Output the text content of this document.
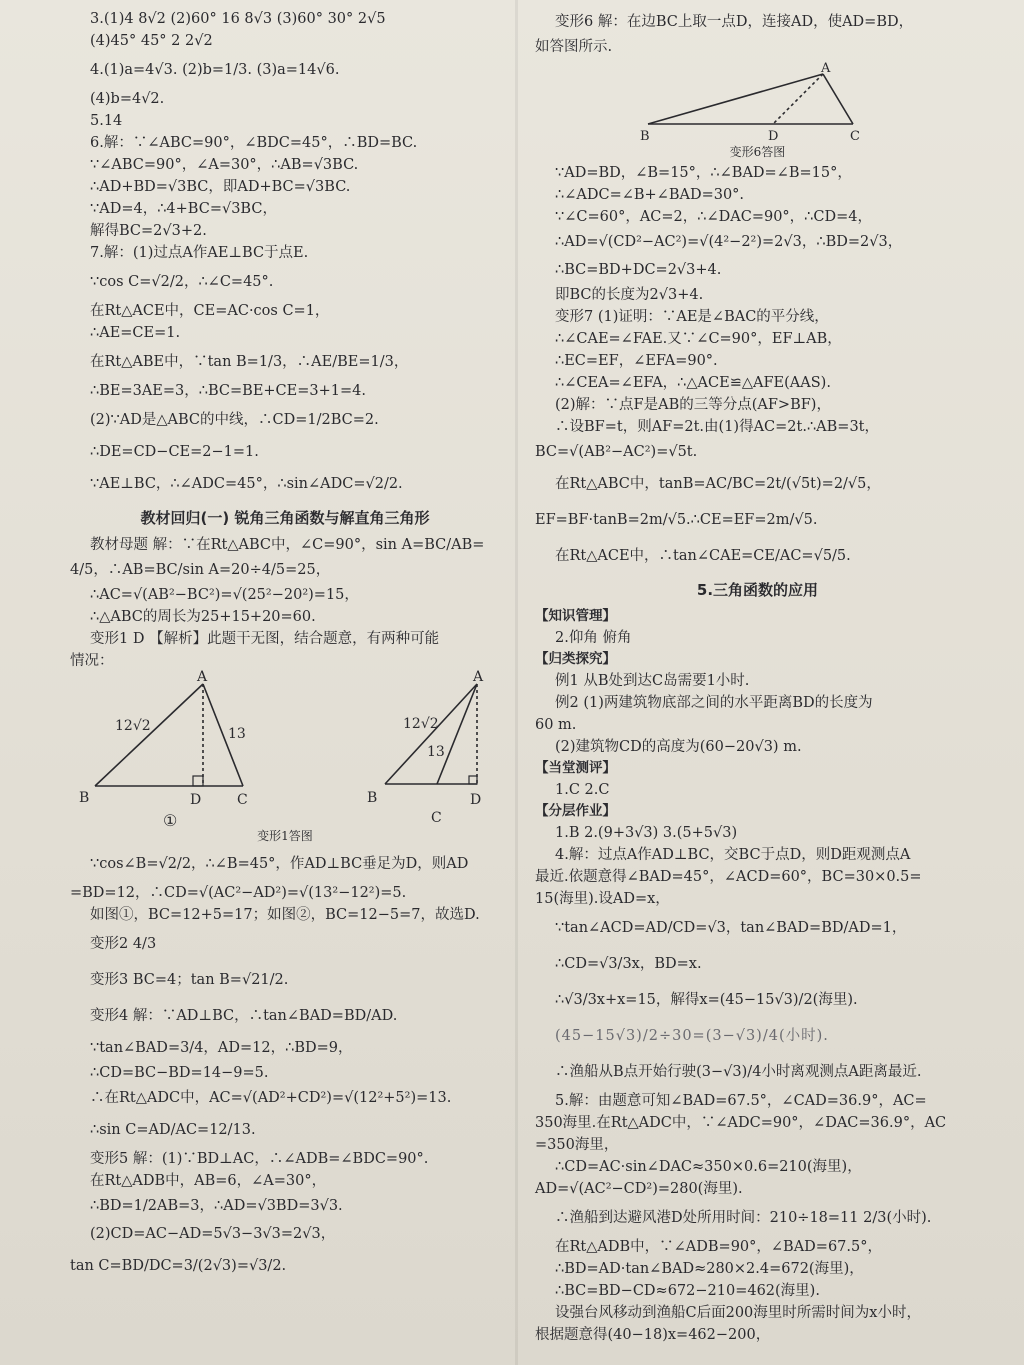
3.(1)4 8√2 (2)60° 16 8√3 (3)60° 30° 2√5
(4)45° 45° 2 2√2
4.(1)a=4√3. (2)b=1/3. (3)a=14√6.
(4)b=4√2.
5.14
6.解：∵∠ABC=90°，∠BDC=45°，∴BD=BC.
∵∠ABC=90°，∠A=30°，∴AB=√3BC.
∴AD+BD=√3BC，即AD+BC=√3BC.
∵AD=4，∴4+BC=√3BC，
解得BC=2√3+2.
7.解：(1)过点A作AE⊥BC于点E.
∵cos C=√2/2，∴∠C=45°.
在Rt△ACE中，CE=AC·cos C=1，
∴AE=CE=1.
在Rt△ABE中，∵tan B=1/3，∴AE/BE=1/3，
∴BE=3AE=3，∴BC=BE+CE=3+1=4.
(2)∵AD是△ABC的中线，∴CD=1/2BC=2.
∴DE=CD−CE=2−1=1.
∵AE⊥BC，∴∠ADC=45°，∴sin∠ADC=√2/2.
教材回归(一) 锐角三角函数与解直角三角形
教材母题 解：∵在Rt△ABC中，∠C=90°，sin A=BC/AB=
4/5，∴AB=BC/sin A=20÷4/5=25，
∴AC=√(AB²−BC²)=√(25²−20²)=15，
∴△ABC的周长为25+15+20=60.
变形1 D 【解析】此题干无图，结合题意，有两种可能
情况：
A
B	C
D
12√2	13
①
A
B
C
D
12√2
13
变形1答图
∵cos∠B=√2/2，∴∠B=45°，作AD⊥BC垂足为D，则AD
=BD=12，∴CD=√(AC²−AD²)=√(13²−12²)=5.
如图①，BC=12+5=17；如图②，BC=12−5=7，故选D.
变形2 4/3
变形3 BC=4；tan B=√21/2.
变形4 解：∵AD⊥BC，∴tan∠BAD=BD/AD.
∵tan∠BAD=3/4，AD=12，∴BD=9，
∴CD=BC−BD=14−9=5.
∴在Rt△ADC中，AC=√(AD²+CD²)=√(12²+5²)=13.
∴sin C=AD/AC=12/13.
变形5 解：(1)∵BD⊥AC，∴∠ADB=∠BDC=90°.
在Rt△ADB中，AB=6，∠A=30°，
∴BD=1/2AB=3，∴AD=√3BD=3√3.
(2)CD=AC−AD=5√3−3√3=2√3，
tan C=BD/DC=3/(2√3)=√3/2.
变形6 解：在边BC上取一点D，连接AD，使AD=BD，
如答图所示.
A
B	D	C
变形6答图
∵AD=BD，∠B=15°，∴∠BAD=∠B=15°，
∴∠ADC=∠B+∠BAD=30°.
∵∠C=60°，AC=2，∴∠DAC=90°，∴CD=4，
∴AD=√(CD²−AC²)=√(4²−2²)=2√3，∴BD=2√3，
∴BC=BD+DC=2√3+4.
即BC的长度为2√3+4.
变形7 (1)证明：∵AE是∠BAC的平分线，
∴∠CAE=∠FAE.又∵∠C=90°，EF⊥AB，
∴EC=EF，∠EFA=90°.
∴∠CEA=∠EFA，∴△ACE≌△AFE(AAS).
(2)解：∵点F是AB的三等分点(AF>BF)，
∴设BF=t，则AF=2t.由(1)得AC=2t.∴AB=3t，
BC=√(AB²−AC²)=√5t.
在Rt△ABC中，tanB=AC/BC=2t/(√5t)=2/√5，
EF=BF·tanB=2m/√5.∴CE=EF=2m/√5.
在Rt△ACE中，∴tan∠CAE=CE/AC=√5/5.
5.三角函数的应用
【知识管理】
2.仰角 俯角
【归类探究】
例1 从B处到达C岛需要1小时.
例2 (1)两建筑物底部之间的水平距离BD的长度为
60 m.
(2)建筑物CD的高度为(60−20√3) m.
【当堂测评】
1.C 2.C
【分层作业】
1.B 2.(9+3√3) 3.(5+5√3)
4.解：过点A作AD⊥BC，交BC于点D，则D距观测点A
最近.依题意得∠BAD=45°，∠ACD=60°，BC=30×0.5=
15(海里).设AD=x，
∵tan∠ACD=AD/CD=√3，tan∠BAD=BD/AD=1，
∴CD=√3/3x，BD=x.
∴√3/3x+x=15，解得x=(45−15√3)/2(海里).
(45−15√3)/2÷30=(3−√3)/4(小时).
∴渔船从B点开始行驶(3−√3)/4小时离观测点A距离最近.
5.解：由题意可知∠BAD=67.5°，∠CAD=36.9°，AC=
350海里.在Rt△ADC中，∵∠ADC=90°，∠DAC=36.9°，AC
=350海里，
∴CD=AC·sin∠DAC≈350×0.6=210(海里)，
AD=√(AC²−CD²)=280(海里).
∴渔船到达避风港D处所用时间：210÷18=11 2/3(小时).
在Rt△ADB中，∵∠ADB=90°，∠BAD=67.5°，
∴BD=AD·tan∠BAD≈280×2.4=672(海里)，
∴BC=BD−CD≈672−210=462(海里).
设强台风移动到渔船C后面200海里时所需时间为x小时，
根据题意得(40−18)x=462−200，
